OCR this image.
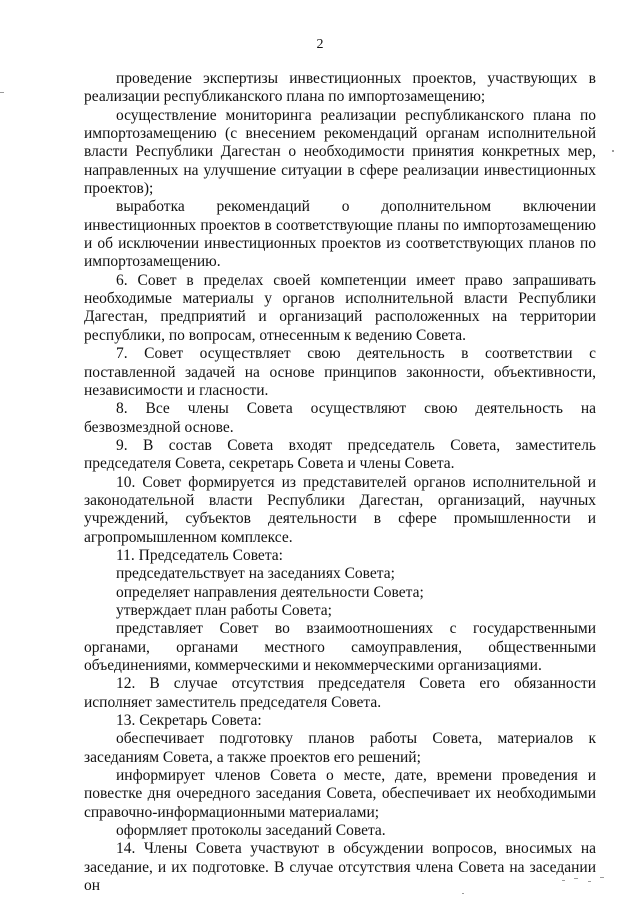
2

проведение экспертизы инвестиционных проектов, участвующих в реализации республиканского плана по импортозамещению;

осуществление мониторинга реализации республиканского плана по импортозамещению (с внесением рекомендаций органам исполнительной власти Республики Дагестан о необходимости принятия конкретных мер, направленных на улучшение ситуации в сфере реализации инвестиционных проектов);

выработка рекомендаций о дополнительном включении инвестиционных проектов в соответствующие планы по импортозамещению и об исключении инвестиционных проектов из соответствующих планов по импортозамещению.

6. Совет в пределах своей компетенции имеет право запрашивать необходимые материалы у органов исполнительной власти Республики Дагестан, предприятий и организаций расположенных на территории республики, по вопросам, отнесенным к ведению Совета.

7. Совет осуществляет свою деятельность в соответствии с поставленной задачей на основе принципов законности, объективности, независимости и гласности.

8. Все члены Совета осуществляют свою деятельность на безвозмездной основе.

9. В состав Совета входят председатель Совета, заместитель председателя Совета, секретарь Совета и члены Совета.

10. Совет формируется из представителей органов исполнительной и законодательной власти Республики Дагестан, организаций, научных учреждений, субъектов деятельности в сфере промышленности и агропромышленном комплексе.

11. Председатель Совета:

председательствует на заседаниях Совета;

определяет направления деятельности Совета;

утверждает план работы Совета;

представляет Совет во взаимоотношениях с государственными органами, органами местного самоуправления, общественными объединениями, коммерческими и некоммерческими организациями.

12. В случае отсутствия председателя Совета его обязанности исполняет заместитель председателя Совета.

13. Секретарь Совета:

обеспечивает подготовку планов работы Совета, материалов к заседаниям Совета, а также проектов его решений;

информирует членов Совета о месте, дате, времени проведения и повестке дня очередного заседания Совета, обеспечивает их необходимыми справочно-информационными материалами;

оформляет протоколы заседаний Совета.

14. Члены Совета участвуют в обсуждении вопросов, вносимых на заседание, и их подготовке. В случае отсутствия члена Совета на заседании он
